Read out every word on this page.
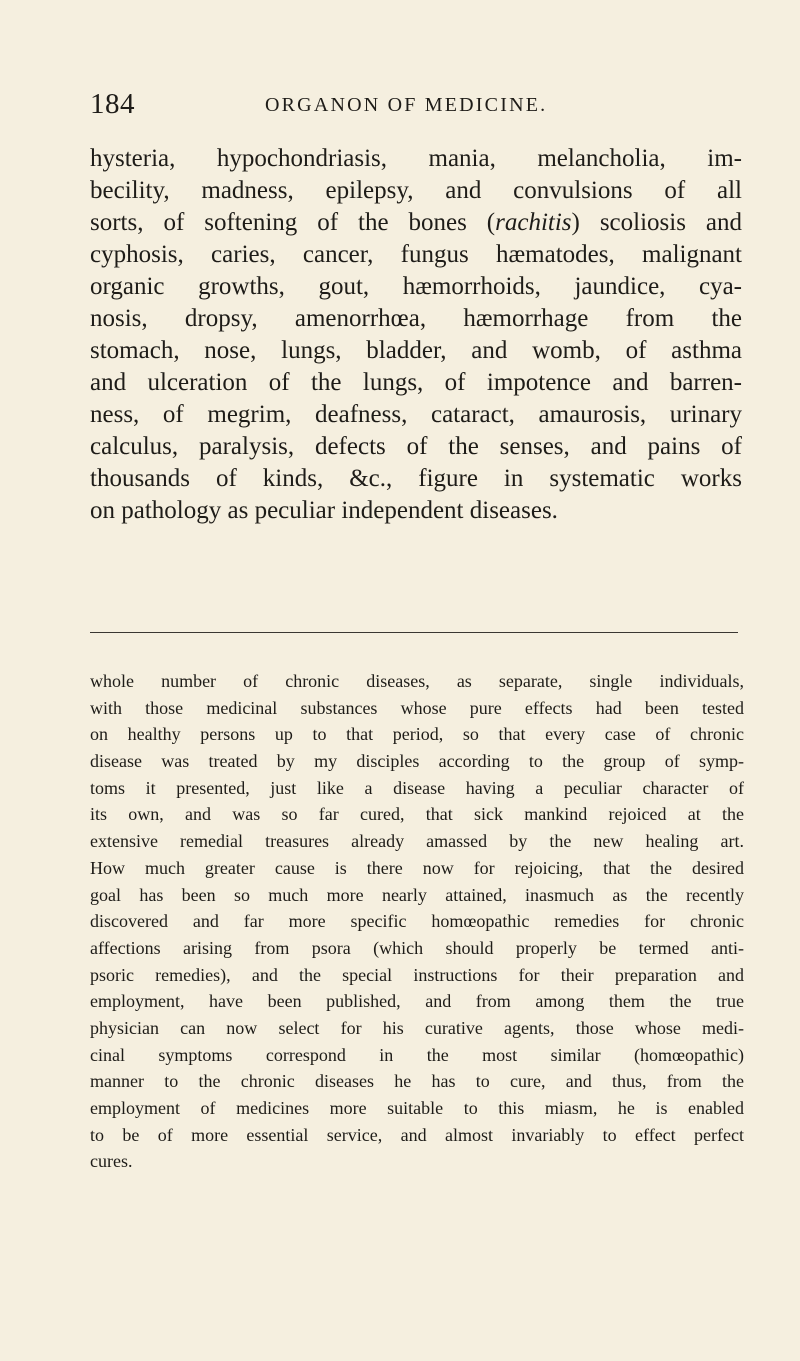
184	ORGANON OF MEDICINE.
hysteria, hypochondriasis, mania, melancholia, im-
becility, madness, epilepsy, and convulsions of all
sorts, of softening of the bones (rachitis) scoliosis and
cyphosis, caries, cancer, fungus hæmatodes, malignant
organic growths, gout, hæmorrhoids, jaundice, cya-
nosis, dropsy, amenorrhœa, hæmorrhage from the
stomach, nose, lungs, bladder, and womb, of asthma
and ulceration of the lungs, of impotence and barren-
ness, of megrim, deafness, cataract, amaurosis, urinary
calculus, paralysis, defects of the senses, and pains of
thousands of kinds, &c., figure in systematic works
on pathology as peculiar independent diseases.
whole number of chronic diseases, as separate, single individuals,
with those medicinal substances whose pure effects had been tested
on healthy persons up to that period, so that every case of chronic
disease was treated by my disciples according to the group of symp-
toms it presented, just like a disease having a peculiar character of
its own, and was so far cured, that sick mankind rejoiced at the
extensive remedial treasures already amassed by the new healing art.
How much greater cause is there now for rejoicing, that the desired
goal has been so much more nearly attained, inasmuch as the recently
discovered and far more specific homœopathic remedies for chronic
affections arising from psora (which should properly be termed anti-
psoric remedies), and the special instructions for their preparation and
employment, have been published, and from among them the true
physician can now select for his curative agents, those whose medi-
cinal symptoms correspond in the most similar (homœopathic)
manner to the chronic diseases he has to cure, and thus, from the
employment of medicines more suitable to this miasm, he is enabled
to be of more essential service, and almost invariably to effect perfect
cures.
